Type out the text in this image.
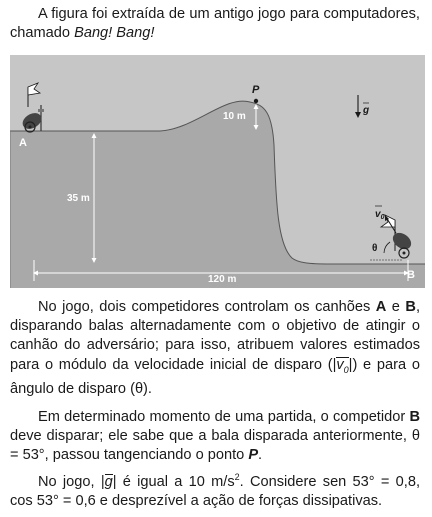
A figura foi extraída de um antigo jogo para computadores, chamado Bang! Bang!

P
10 m
35 m
120 m
A
B
$v_0$
θ
g

No jogo, dois competidores controlam os canhões A e B, disparando balas alternadamente com o objetivo de atingir o canhão do adversário; para isso, atribuem valores estimados para o módulo da velocidade inicial de disparo $(|v_0|)$ e para o ângulo de disparo (θ).

Em determinado momento de uma partida, o competidor B deve disparar; ele sabe que a bala disparada anteriormente, θ = 53°, passou tangenciando o ponto P.

No jogo, |g| é igual a 10 $m/s^2$. Considere sen 53° = 0,8, cos 53° = 0,6 e desprezível a ação de forças dissipativas.
